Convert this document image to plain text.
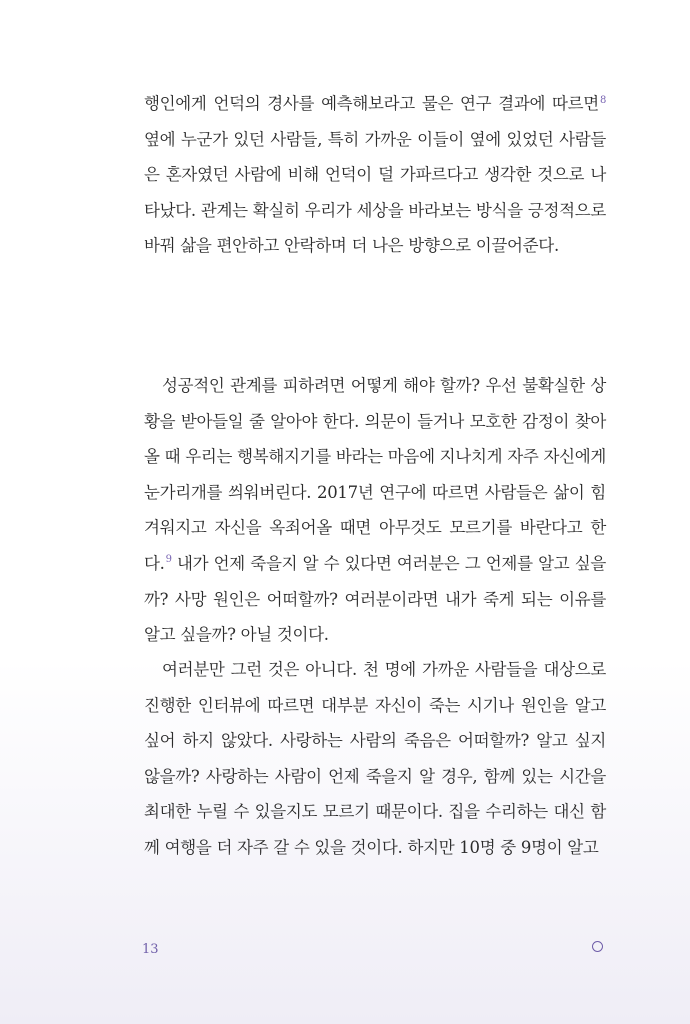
행인에게 언덕의 경사를 예측해보라고 물은 연구 결과에 따르면$^8$옆에 누군가 있던 사람들, 특히 가까운 이들이 옆에 있었던 사람들은 혼자였던 사람에 비해 언덕이 덜 가파르다고 생각한 것으로 나타났다. 관계는 확실히 우리가 세상을 바라보는 방식을 긍정적으로 바꿔 삶을 편안하고 안락하며 더 나은 방향으로 이끌어준다.

성공적인 관계를 피하려면 어떻게 해야 할까? 우선 불확실한 상황을 받아들일 줄 알아야 한다. 의문이 들거나 모호한 감정이 찾아올 때 우리는 행복해지기를 바라는 마음에 지나치게 자주 자신에게 눈가리개를 씌워버린다. 2017년 연구에 따르면 사람들은 삶이 힘겨워지고 자신을 옥죄어올 때면 아무것도 모르기를 바란다고 한다.$^9$ 내가 언제 죽을지 알 수 있다면 여러분은 그 언제를 알고 싶을까? 사망 원인은 어떠할까? 여러분이라면 내가 죽게 되는 이유를 알고 싶을까? 아닐 것이다.

여러분만 그런 것은 아니다. 천 명에 가까운 사람들을 대상으로 진행한 인터뷰에 따르면 대부분 자신이 죽는 시기나 원인을 알고 싶어 하지 않았다. 사랑하는 사람의 죽음은 어떠할까? 알고 싶지 않을까? 사랑하는 사람이 언제 죽을지 알 경우, 함께 있는 시간을 최대한 누릴 수 있을지도 모르기 때문이다. 집을 수리하는 대신 함께 여행을 더 자주 갈 수 있을 것이다. 하지만 10명 중 9명이 알고

13
